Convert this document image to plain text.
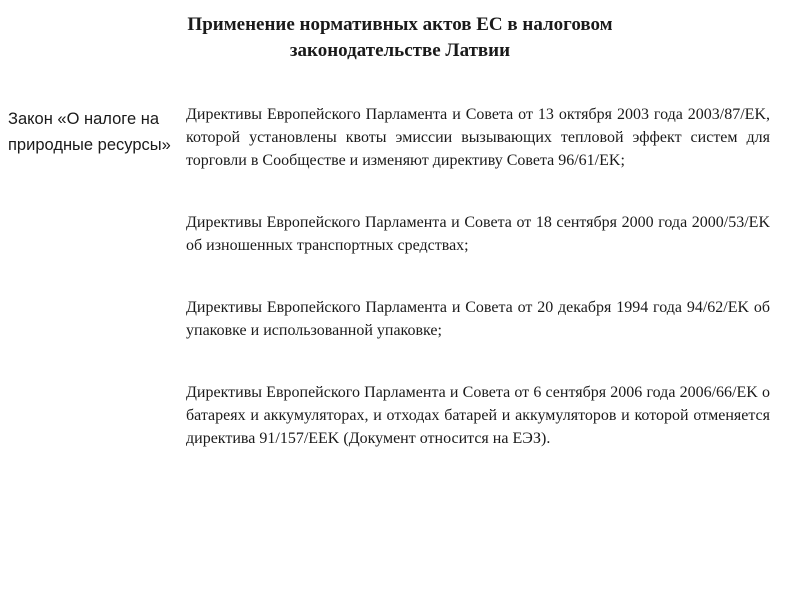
Применение нормативных актов ЕС в налоговом
законодательстве Латвии
Закон «О налоге на природные ресурсы»

Директивы Европейского Парламента и Совета от 13 октября 2003 года 2003/87/EK, которой установлены квоты эмиссии вызывающих тепловой эффект систем для торговли в Сообществе и изменяют директиву Совета 96/61/EK;

Директивы Европейского Парламента и Совета от 18 сентября 2000 года 2000/53/EK об изношенных транспортных средствах;

Директивы Европейского Парламента и Совета от 20 декабря 1994 года 94/62/EK об упаковке и использованной упаковке;

Директивы Европейского Парламента и Совета от 6 сентября 2006 года 2006/66/EK о батареях и аккумуляторах, и отходах батарей и аккумуляторов и которой отменяется директива 91/157/EEK (Документ относится на ЕЭЗ).
